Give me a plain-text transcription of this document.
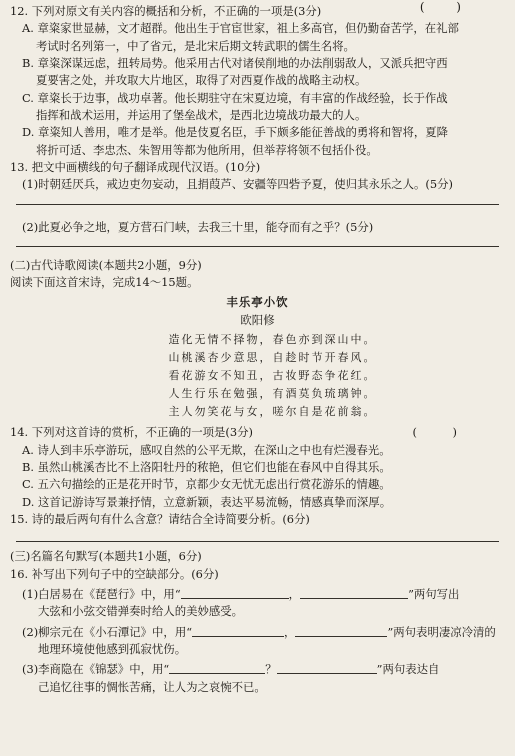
( )
12. 下列对原文有关内容的概括和分析，不正确的一项是(3分)
A. 章粢家世显赫，文才超群。他出生于官宦世家，祖上多高官，但仍勤奋苦学，在礼部
考试时名列第一，中了省元，是北宋后期文转武职的儒生名将。
B. 章粢深谋远虑，扭转局势。他采用古代对诸侯削地的办法削弱敌人，又派兵把守西
夏要害之处，并攻取大片地区，取得了对西夏作战的战略主动权。
C. 章粢长于边事，战功卓著。他长期驻守在宋夏边境，有丰富的作战经验，长于作战
指挥和战术运用，并运用了堡垒战术，是西北边境战功最大的人。
D. 章粢知人善用，唯才是举。他是伎夏名臣，手下颇多能征善战的勇将和智将，夏降
将折可适、李忠杰、朱智用等都为他所用，但举荐将领不包括仆役。
13. 把文中画横线的句子翻译成现代汉语。(10分)
(1)时朝廷厌兵，戒边吏勿妄动，且捐葭芦、安疆等四砦予夏，使归其永乐之人。(5分)
(2)此夏必争之地，夏方营石门峡，去我三十里，能夺而有之乎？(5分)
(二)古代诗歌阅读(本题共2小题，9分)
阅读下面这首宋诗，完成14～15题。
丰乐亭小饮
欧阳修
造化无情不择物，春色亦到深山中。
山桃溪杏少意思，自趁时节开春风。
看花游女不知丑，古妆野态争花红。
人生行乐在勉强，有酒莫负琉璃钟。
主人勿笑花与女，嗟尔自是花前翁。
14. 下列对这首诗的赏析，不正确的一项是(3分)	( )
A. 诗人到丰乐亭游玩，感叹自然的公平无欺，在深山之中也有烂漫春光。
B. 虽然山桃溪杏比不上洛阳牡丹的秾艳，但它们也能在春风中自得其乐。
C. 五六句描绘的正是花开时节，京都少女无忧无虑出行赏花游乐的情趣。
D. 这首记游诗写景兼抒情，立意新颖，表达平易流畅，情感真挚而深厚。
15. 诗的最后两句有什么含意？请结合全诗简要分析。(6分)
(三)名篇名句默写(本题共1小题，6分)
16. 补写出下列句子中的空缺部分。(6分)
(1)白居易在《琵琶行》中，用“	，	”两句写出
大弦和小弦交错弹奏时给人的美妙感受。
(2)柳宗元在《小石潭记》中，用“	，	”两句表明凄凉冷清的
地理环境使他感到孤寂忧伤。
(3)李商隐在《锦瑟》中，用“	？	”两句表达自
己追忆往事的惆怅苦痛，让人为之哀惋不已。
